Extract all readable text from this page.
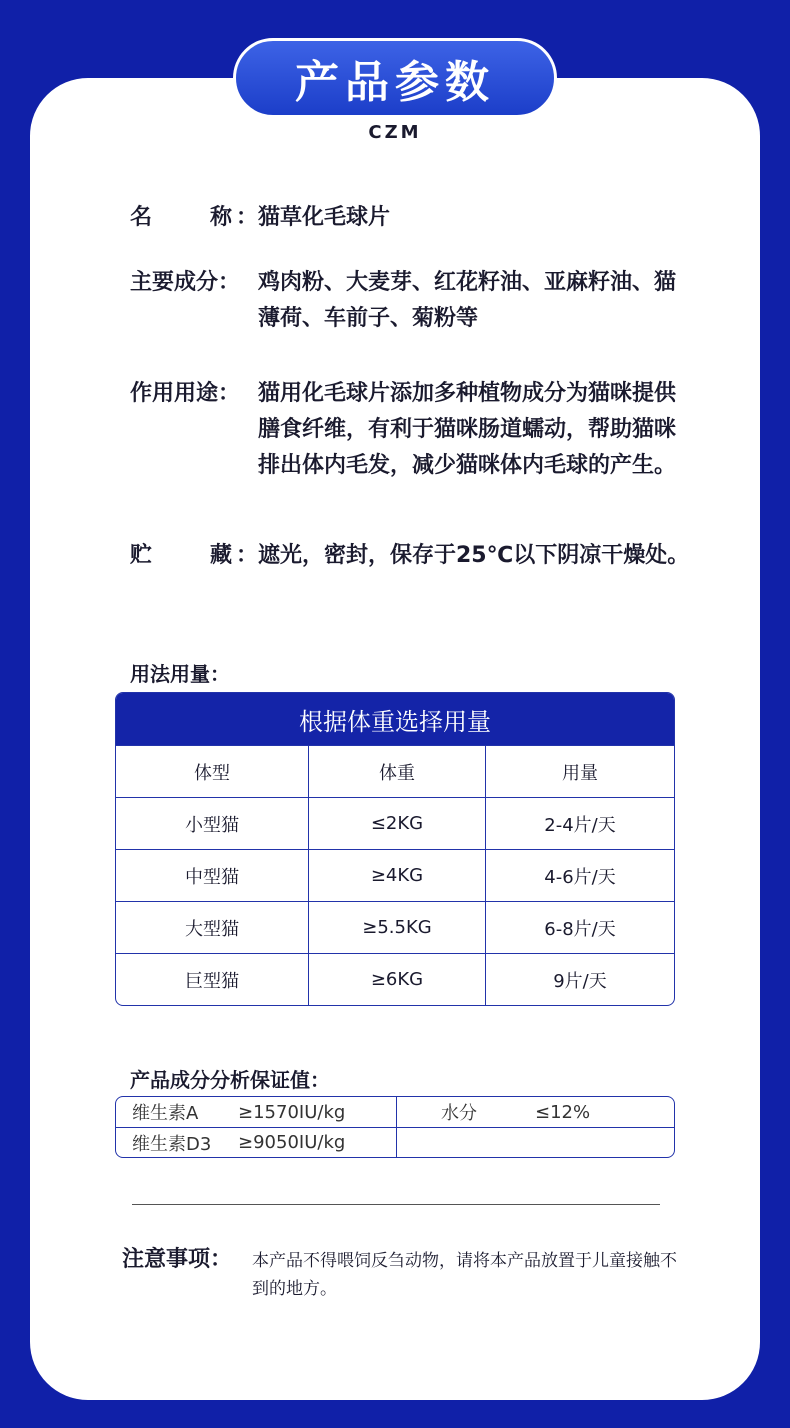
产品参数
CZM
名	称 ： 猫草化毛球片
主要成分： 鸡肉粉、大麦芽、红花籽油、亚麻籽油、猫薄荷、车前子、菊粉等
作用用途： 猫用化毛球片添加多种植物成分为猫咪提供膳食纤维，有利于猫咪肠道蠕动，帮助猫咪排出体内毛发，减少猫咪体内毛球的产生。
贮	藏 ： 遮光，密封，保存于25℃以下阴凉干燥处。
用法用量：
根据体重选择用量
体型	体重	用量
小型猫	≤2KG	2-4片/天
中型猫	≥4KG	4-6片/天
大型猫	≥5.5KG	6-8片/天
巨型猫	≥6KG	9片/天
产品成分分析保证值：
维生素A	≥1570IU/kg	水分	≤12%
维生素D3	≥9050IU/kg
注意事项：	本产品不得喂饲反刍动物，请将本产品放置于儿童接触不到的地方。
